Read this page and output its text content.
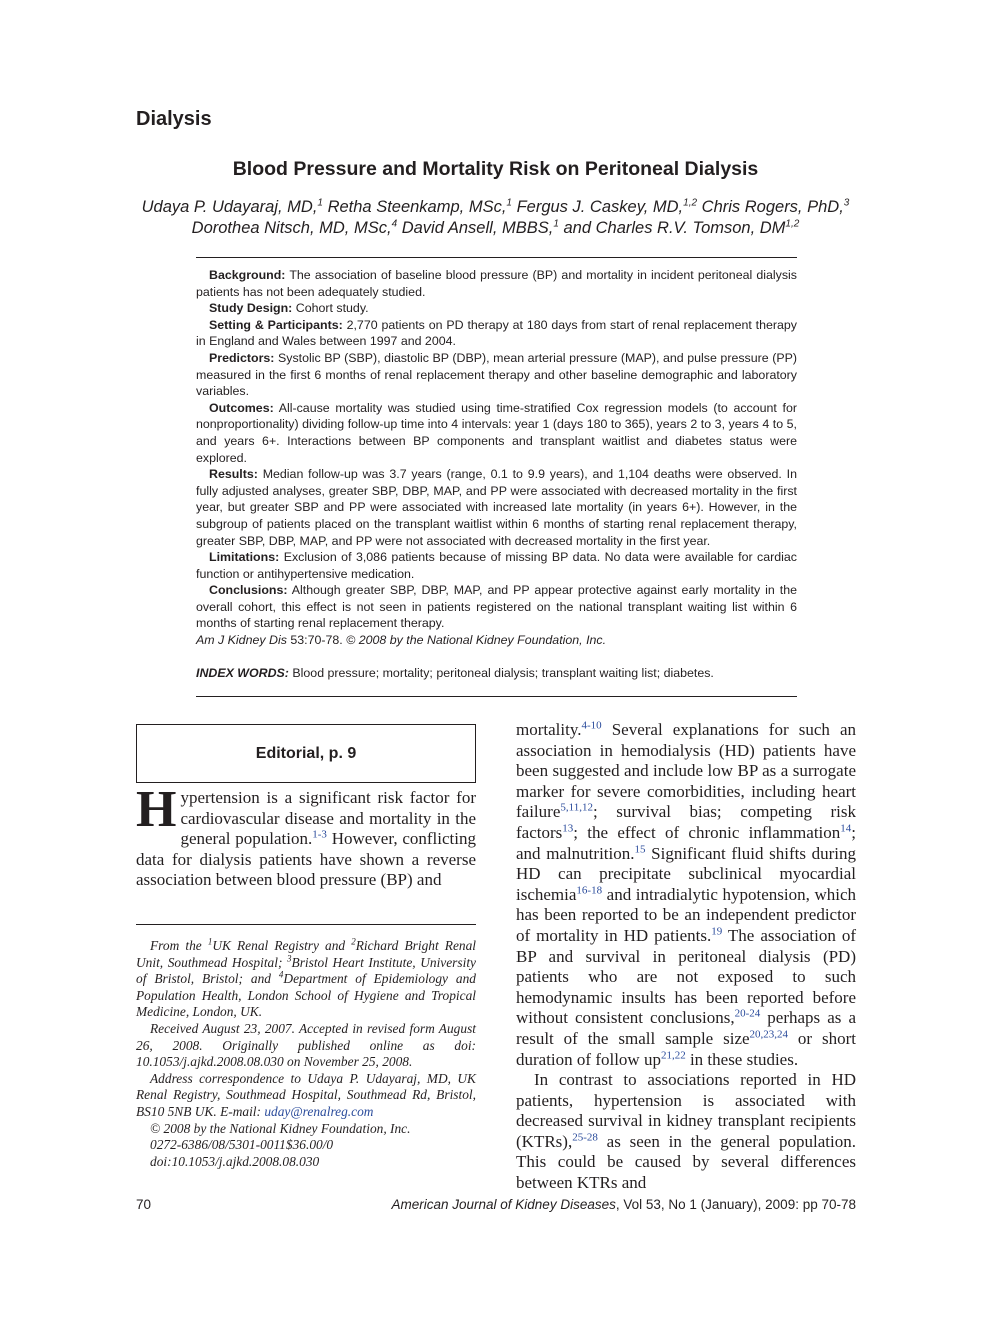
Dialysis
Blood Pressure and Mortality Risk on Peritoneal Dialysis
Udaya P. Udayaraj, MD,$^1$ Retha Steenkamp, MSc,$^1$ Fergus J. Caskey, MD,$^{1,2}$ Chris Rogers, PhD,$^3$
Dorothea Nitsch, MD, MSc,$^4$ David Ansell, MBBS,$^1$ and Charles R.V. Tomson, DM$^{1,2}$

Background: The association of baseline blood pressure (BP) and mortality in incident peritoneal dialysis patients has not been adequately studied.

Study Design: Cohort study.

Setting & Participants: 2,770 patients on PD therapy at 180 days from start of renal replacement therapy in England and Wales between 1997 and 2004.

Predictors: Systolic BP (SBP), diastolic BP (DBP), mean arterial pressure (MAP), and pulse pressure (PP) measured in the first 6 months of renal replacement therapy and other baseline demographic and laboratory variables.

Outcomes: All-cause mortality was studied using time-stratified Cox regression models (to account for nonproportionality) dividing follow-up time into 4 intervals: year 1 (days 180 to 365), years 2 to 3, years 4 to 5, and years 6+. Interactions between BP components and transplant waitlist and diabetes status were explored.

Results: Median follow-up was 3.7 years (range, 0.1 to 9.9 years), and 1,104 deaths were observed. In fully adjusted analyses, greater SBP, DBP, MAP, and PP were associated with decreased mortality in the first year, but greater SBP and PP were associated with increased late mortality (in years 6+). However, in the subgroup of patients placed on the transplant waitlist within 6 months of starting renal replacement therapy, greater SBP, DBP, MAP, and PP were not associated with decreased mortality in the first year.

Limitations: Exclusion of 3,086 patients because of missing BP data. No data were available for cardiac function or antihypertensive medication.

Conclusions: Although greater SBP, DBP, MAP, and PP appear protective against early mortality in the overall cohort, this effect is not seen in patients registered on the national transplant waiting list within 6 months of starting renal replacement therapy.

Am J Kidney Dis 53:70-78. © 2008 by the National Kidney Foundation, Inc.

INDEX WORDS: Blood pressure; mortality; peritoneal dialysis; transplant waiting list; diabetes.

Editorial, p. 9

Hypertension is a significant risk factor for cardiovascular disease and mortality in the general population.$^{1-3}$ However, conflicting data for dialysis patients have shown a reverse association between blood pressure (BP) and

From the $^1$UK Renal Registry and $^2$Richard Bright Renal Unit, Southmead Hospital; $^3$Bristol Heart Institute, University of Bristol, Bristol; and $^4$Department of Epidemiology and Population Health, London School of Hygiene and Tropical Medicine, London, UK.

Received August 23, 2007. Accepted in revised form August 26, 2008. Originally published online as doi: 10.1053/j.ajkd.2008.08.030 on November 25, 2008.

Address correspondence to Udaya P. Udayaraj, MD, UK Renal Registry, Southmead Hospital, Southmead Rd, Bristol, BS10 5NB UK. E-mail: uday@renalreg.com

© 2008 by the National Kidney Foundation, Inc.

0272-6386/08/5301-0011$36.00/0

doi:10.1053/j.ajkd.2008.08.030

mortality.$^{4-10}$ Several explanations for such an association in hemodialysis (HD) patients have been suggested and include low BP as a surrogate marker for severe comorbidities, including heart failure$^{5,11,12}$; survival bias; competing risk factors$^{13}$; the effect of chronic inflammation$^{14}$; and malnutrition.$^{15}$ Significant fluid shifts during HD can precipitate subclinical myocardial ischemia$^{16-18}$ and intradialytic hypotension, which has been reported to be an independent predictor of mortality in HD patients.$^{19}$ The association of BP and survival in peritoneal dialysis (PD) patients who are not exposed to such hemodynamic insults has been reported before without consistent conclusions,$^{20-24}$ perhaps as a result of the small sample size$^{20,23,24}$ or short duration of follow up$^{21,22}$ in these studies.

In contrast to associations reported in HD patients, hypertension is associated with decreased survival in kidney transplant recipients (KTRs),$^{25-28}$ as seen in the general population. This could be caused by several differences between KTRs and

70	American Journal of Kidney Diseases, Vol 53, No 1 (January), 2009: pp 70-78
